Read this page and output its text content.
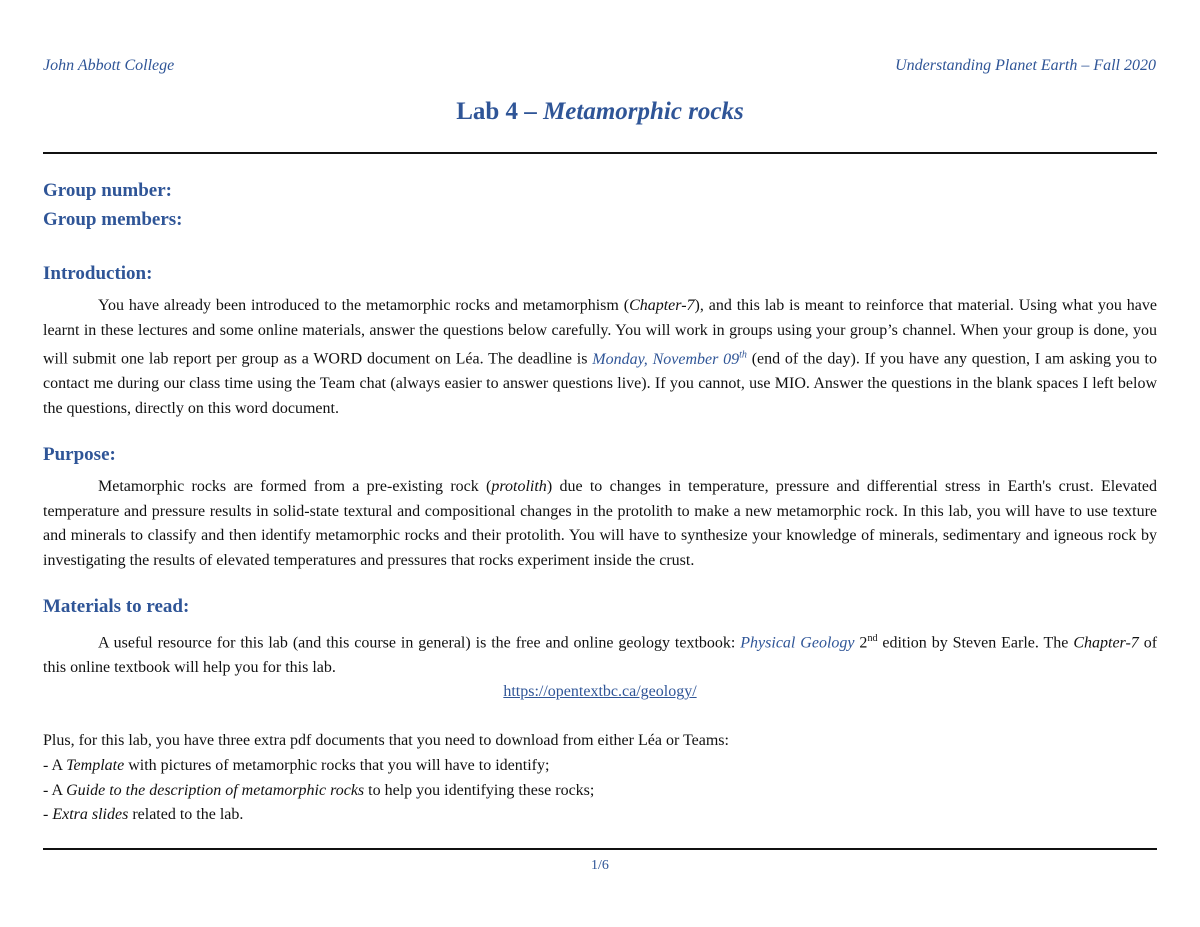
John Abbott College	Understanding Planet Earth – Fall 2020
Lab 4 – Metamorphic rocks
Group number:
Group members:
Introduction:

You have already been introduced to the metamorphic rocks and metamorphism (Chapter-7), and this lab is meant to reinforce that material. Using what you have learnt in these lectures and some online materials, answer the questions below carefully. You will work in groups using your group’s channel. When your group is done, you will submit one lab report per group as a WORD document on Léa. The deadline is Monday, November 09th (end of the day). If you have any question, I am asking you to contact me during our class time using the Team chat (always easier to answer questions live). If you cannot, use MIO. Answer the questions in the blank spaces I left below the questions, directly on this word document.

Purpose:

Metamorphic rocks are formed from a pre-existing rock (protolith) due to changes in temperature, pressure and differential stress in Earth's crust. Elevated temperature and pressure results in solid-state textural and compositional changes in the protolith to make a new metamorphic rock. In this lab, you will have to use texture and minerals to classify and then identify metamorphic rocks and their protolith. You will have to synthesize your knowledge of minerals, sedimentary and igneous rock by investigating the results of elevated temperatures and pressures that rocks experiment inside the crust.

Materials to read:

A useful resource for this lab (and this course in general) is the free and online geology textbook: Physical Geology 2nd edition by Steven Earle. The Chapter-7 of this online textbook will help you for this lab.

https://opentextbc.ca/geology/
Plus, for this lab, you have three extra pdf documents that you need to download from either Léa or Teams:
- A Template with pictures of metamorphic rocks that you will have to identify;
- A Guide to the description of metamorphic rocks to help you identifying these rocks;
- Extra slides related to the lab.
1/6
